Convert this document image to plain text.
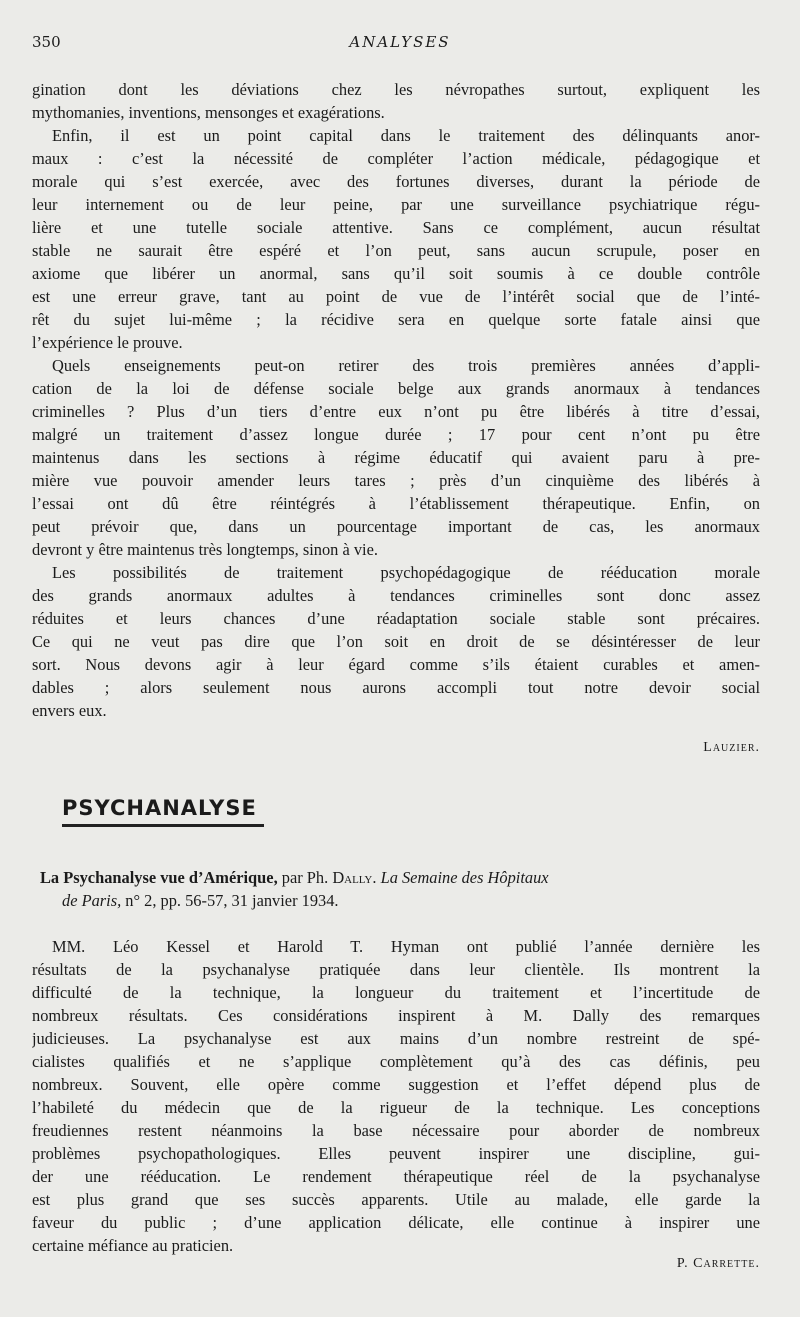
350	ANALYSES
gination dont les déviations chez les névropathes surtout, expliquent les
mythomanies, inventions, mensonges et exagérations.
Enfin, il est un point capital dans le traitement des délinquants anor-
maux : c’est la nécessité de compléter l’action médicale, pédagogique et
morale qui s’est exercée, avec des fortunes diverses, durant la période de
leur internement ou de leur peine, par une surveillance psychiatrique régu-
lière et une tutelle sociale attentive. Sans ce complément, aucun résultat
stable ne saurait être espéré et l’on peut, sans aucun scrupule, poser en
axiome que libérer un anormal, sans qu’il soit soumis à ce double contrôle
est une erreur grave, tant au point de vue de l’intérêt social que de l’inté-
rêt du sujet lui-même ; la récidive sera en quelque sorte fatale ainsi que
l’expérience le prouve.
Quels enseignements peut-on retirer des trois premières années d’appli-
cation de la loi de défense sociale belge aux grands anormaux à tendances
criminelles ? Plus d’un tiers d’entre eux n’ont pu être libérés à titre d’essai,
malgré un traitement d’assez longue durée ; 17 pour cent n’ont pu être
maintenus dans les sections à régime éducatif qui avaient paru à pre-
mière vue pouvoir amender leurs tares ; près d’un cinquième des libérés à
l’essai ont dû être réintégrés à l’établissement thérapeutique. Enfin, on
peut prévoir que, dans un pourcentage important de cas, les anormaux
devront y être maintenus très longtemps, sinon à vie.
Les possibilités de traitement psychopédagogique de rééducation morale
des grands anormaux adultes à tendances criminelles sont donc assez
réduites et leurs chances d’une réadaptation sociale stable sont précaires.
Ce qui ne veut pas dire que l’on soit en droit de se désintéresser de leur
sort. Nous devons agir à leur égard comme s’ils étaient curables et amen-
dables ; alors seulement nous aurons accompli tout notre devoir social
envers eux.
Lauzier.
PSYCHANALYSE
La Psychanalyse vue d’Amérique, par Ph. Dally. La Semaine des Hôpitaux
de Paris, n° 2, pp. 56-57, 31 janvier 1934.
MM. Léo Kessel et Harold T. Hyman ont publié l’année dernière les
résultats de la psychanalyse pratiquée dans leur clientèle. Ils montrent la
difficulté de la technique, la longueur du traitement et l’incertitude de
nombreux résultats. Ces considérations inspirent à M. Dally des remarques
judicieuses. La psychanalyse est aux mains d’un nombre restreint de spé-
cialistes qualifiés et ne s’applique complètement qu’à des cas définis, peu
nombreux. Souvent, elle opère comme suggestion et l’effet dépend plus de
l’habileté du médecin que de la rigueur de la technique. Les conceptions
freudiennes restent néanmoins la base nécessaire pour aborder de nombreux
problèmes psychopathologiques. Elles peuvent inspirer une discipline, gui-
der une rééducation. Le rendement thérapeutique réel de la psychanalyse
est plus grand que ses succès apparents. Utile au malade, elle garde la
faveur du public ; d’une application délicate, elle continue à inspirer une
certaine méfiance au praticien.
P. Carrette.
